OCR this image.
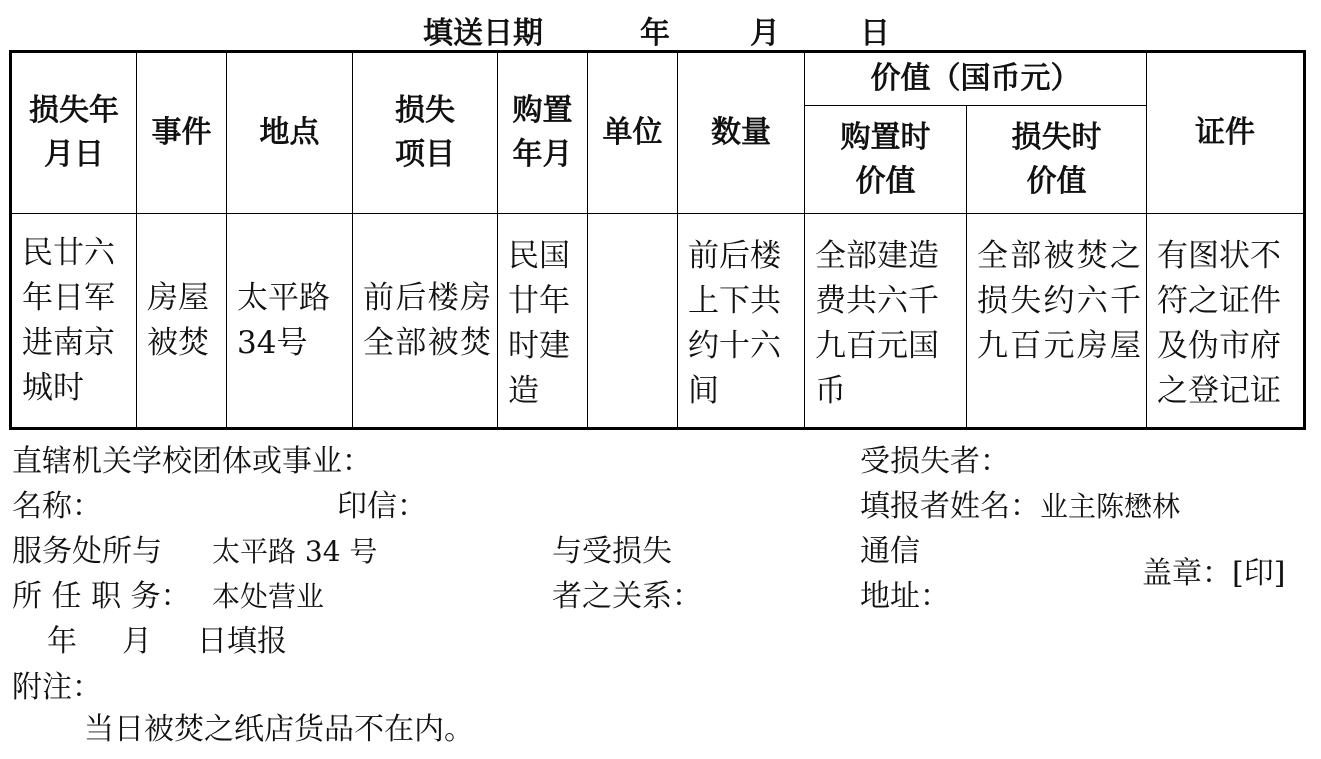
填送日期	年	月	日
损失年月日	事件	地点	损失项目	购置年月	单位	数量	价值（国币元）		证件

							购置时价值	损失时价值	

民廿六年日军进南京城时	房屋被焚	太平路34号	前后楼房全部被焚	民国廿年时建造		前后楼上下共约十六间	全部建造费共六千九百元国币	全部被焚之损失约六千九百元房屋	有图状不符之证件及伪市府之登记证
直辖机关学校团体或事业：	受损失者：
名称：	印信：	填报者姓名：业主陈懋林
服务处所与 太平路 34 号	与受损失	通信
所 任 职 务： 本处营业	者之关系：	地址：
盖章： [印]
年 月 日填报
附注：
当日被焚之纸店货品不在内。
